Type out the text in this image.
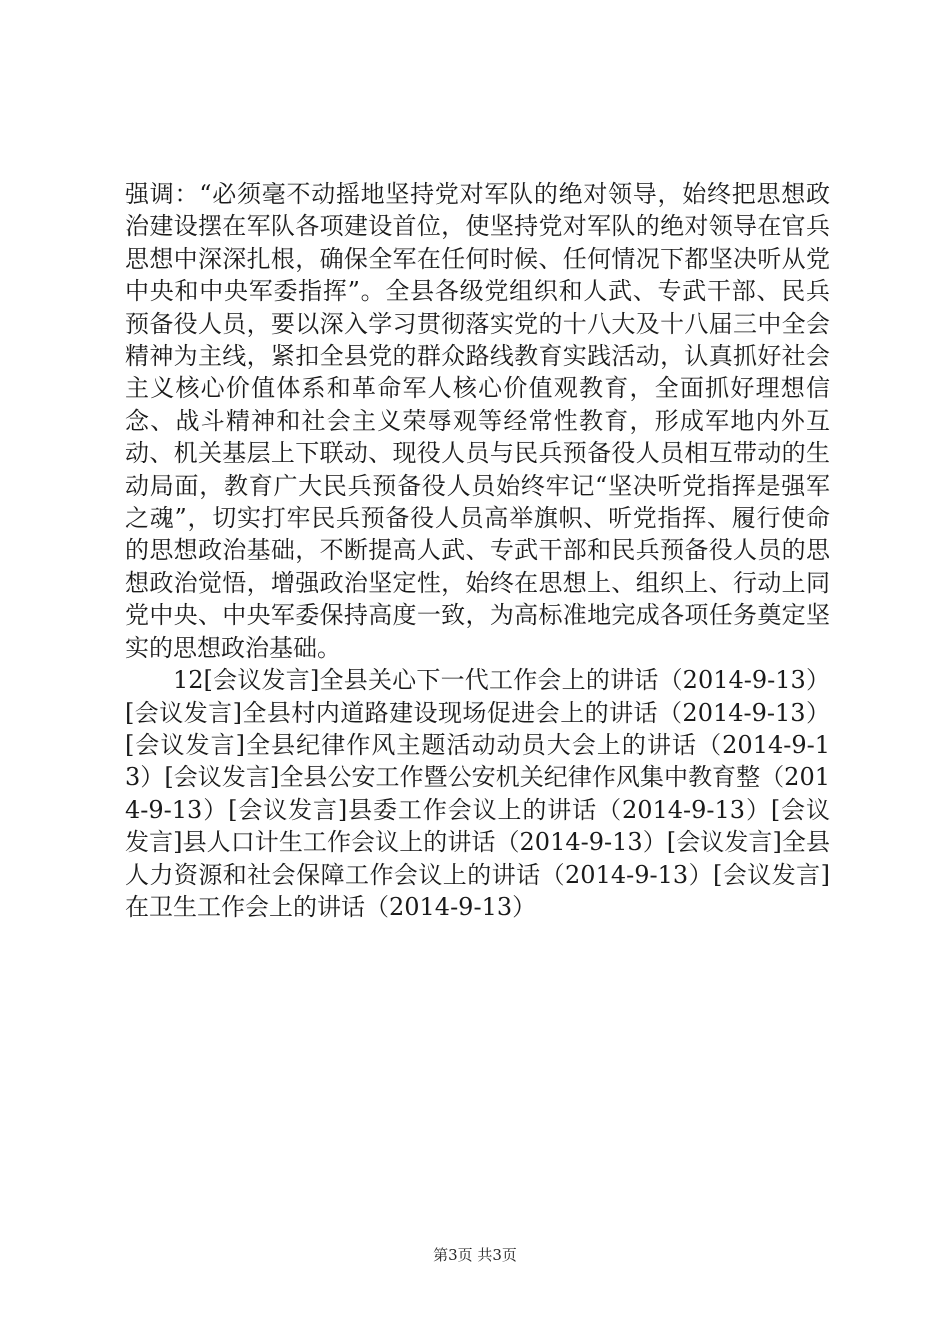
强调：“必须毫不动摇地坚持党对军队的绝对领导，始终把思想政治建设摆在军队各项建设首位，使坚持党对军队的绝对领导在官兵思想中深深扎根，确保全军在任何时候、任何情况下都坚决听从党中央和中央军委指挥”。全县各级党组织和人武、专武干部、民兵预备役人员，要以深入学习贯彻落实党的十八大及十八届三中全会精神为主线，紧扣全县党的群众路线教育实践活动，认真抓好社会主义核心价值体系和革命军人核心价值观教育，全面抓好理想信念、战斗精神和社会主义荣辱观等经常性教育，形成军地内外互动、机关基层上下联动、现役人员与民兵预备役人员相互带动的生动局面，教育广大民兵预备役人员始终牢记“坚决听党指挥是强军之魂”，切实打牢民兵预备役人员高举旗帜、听党指挥、履行使命的思想政治基础，不断提高人武、专武干部和民兵预备役人员的思想政治觉悟，增强政治坚定性，始终在思想上、组织上、行动上同党中央、中央军委保持高度一致，为高标准地完成各项任务奠定坚实的思想政治基础。

12[会议发言]全县关心下一代工作会上的讲话（2014-9-13）[会议发言]全县村内道路建设现场促进会上的讲话（2014-9-13）[会议发言]全县纪律作风主题活动动员大会上的讲话（2014-9-13）[会议发言]全县公安工作暨公安机关纪律作风集中教育整（2014-9-13）[会议发言]县委工作会议上的讲话（2014-9-13）[会议发言]县人口计生工作会议上的讲话（2014-9-13）[会议发言]全县人力资源和社会保障工作会议上的讲话（2014-9-13）[会议发言]在卫生工作会上的讲话（2014-9-13）

第3页 共3页
